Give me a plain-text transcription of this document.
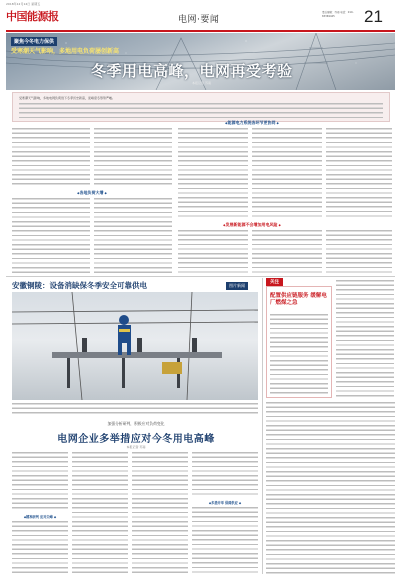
2018年12月14日 星期五
中国能源报	电网·要闻
责任编辑：苏南 电话：010-65369445	21
聚焦今冬电力保供
受寒潮天气影响，多地用电负荷屡创新高
冬季用电高峰，电网再受考验
本报记者 苏南
受寒潮天气影响，多地电网负荷创下冬季历史新高，迎峰度冬形势严峻。
◆ 各地负荷大增 ◆
◆ 能源电力系统各环节更协同 ◆
◆ 发展新能源不会增加用电风险 ◆
安徽铜陵：设备消缺保冬季安全可靠供电	图片新闻
关注
配置供应链服务 缓解电厂燃煤之急
加强分析研判，积极应对负荷变化
电网企业多举措应对今冬用电高峰
本报记者 苏南
◆ 精准研判 应对尖峰 ◆
◆ 多措并举 保障供应 ◆
